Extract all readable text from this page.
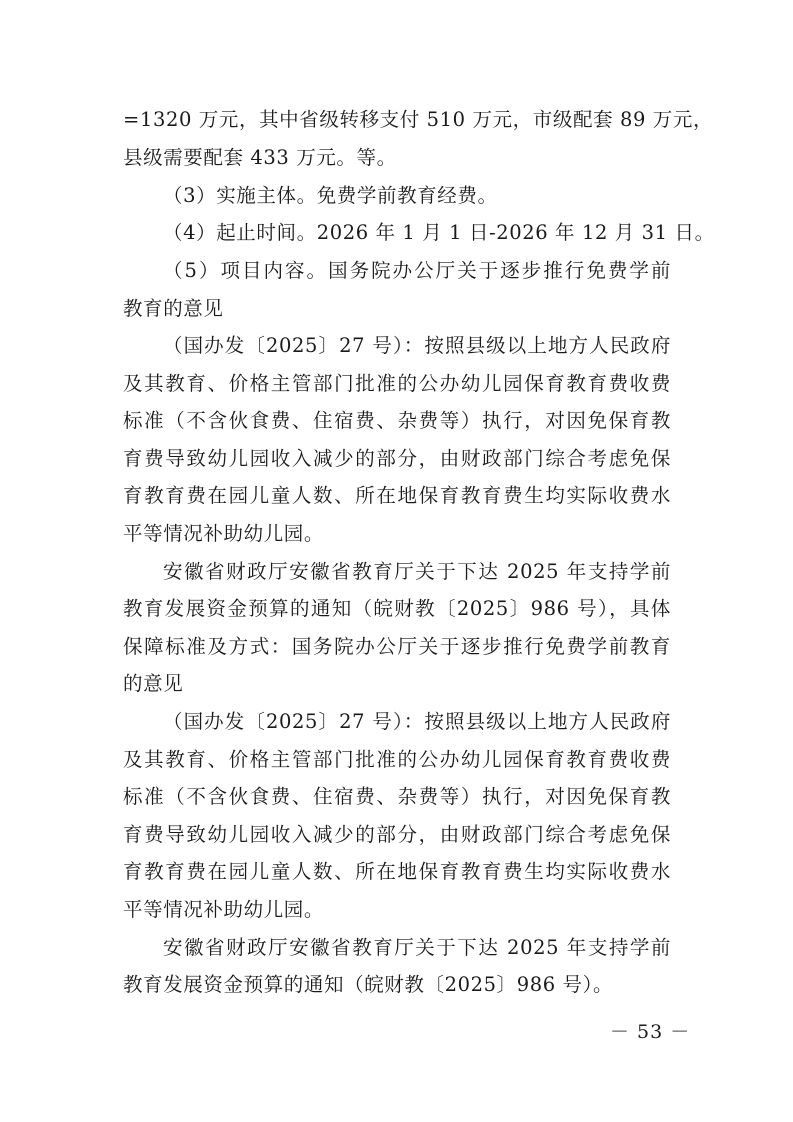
=1320 万元，其中省级转移支付 510 万元，市级配套 89 万元，
县级需要配套 433 万元。等。
（3）实施主体。免费学前教育经费。
（4）起止时间。2026 年 1 月 1 日-2026 年 12 月 31 日。
（5）项目内容。国务院办公厅关于逐步推行免费学前
教育的意见
（国办发〔2025〕27 号）：按照县级以上地方人民政府
及其教育、价格主管部门批准的公办幼儿园保育教育费收费
标准（不含伙食费、住宿费、杂费等）执行，对因免保育教
育费导致幼儿园收入减少的部分，由财政部门综合考虑免保
育教育费在园儿童人数、所在地保育教育费生均实际收费水
平等情况补助幼儿园。
安徽省财政厅安徽省教育厅关于下达 2025 年支持学前
教育发展资金预算的通知（皖财教〔2025〕986 号），具体
保障标准及方式：国务院办公厅关于逐步推行免费学前教育
的意见
（国办发〔2025〕27 号）：按照县级以上地方人民政府
及其教育、价格主管部门批准的公办幼儿园保育教育费收费
标准（不含伙食费、住宿费、杂费等）执行，对因免保育教
育费导致幼儿园收入减少的部分，由财政部门综合考虑免保
育教育费在园儿童人数、所在地保育教育费生均实际收费水
平等情况补助幼儿园。
安徽省财政厅安徽省教育厅关于下达 2025 年支持学前
教育发展资金预算的通知（皖财教〔2025〕986 号）。
－ 53 －
